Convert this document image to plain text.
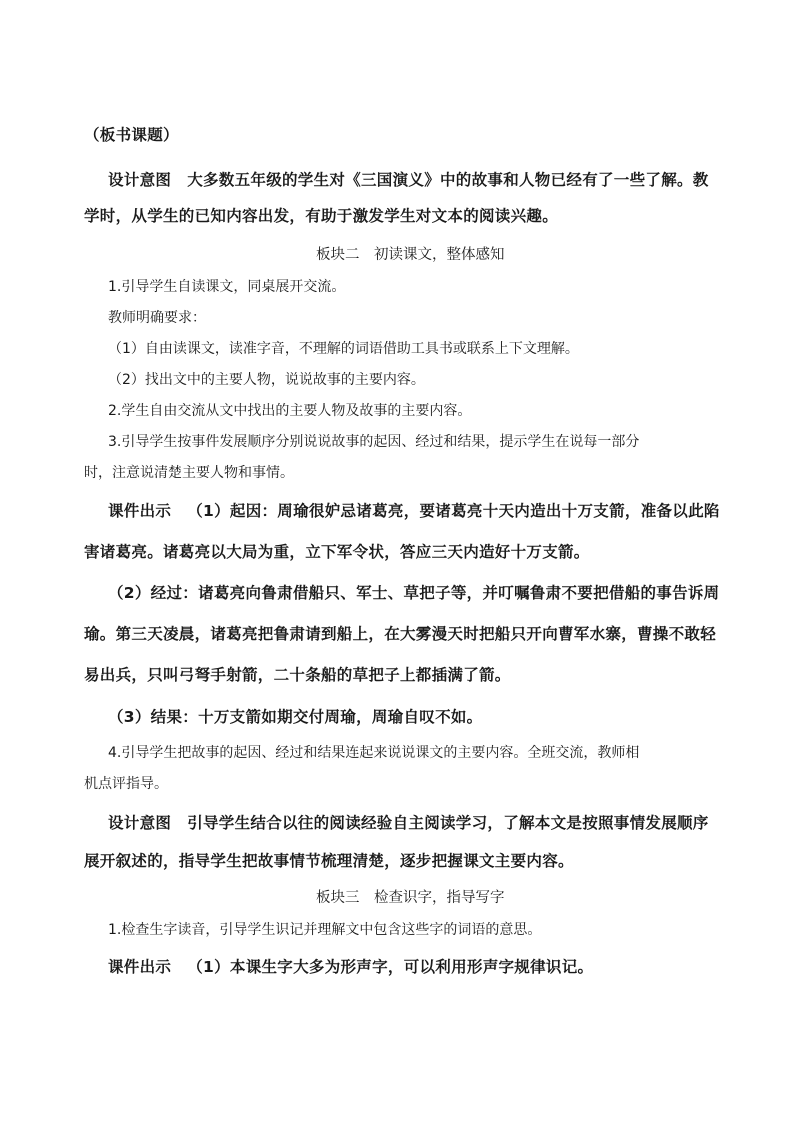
（板书课题）
设计意图 大多数五年级的学生对《三国演义》中的故事和人物已经有了一些了解。教
学时，从学生的已知内容出发，有助于激发学生对文本的阅读兴趣。
板块二　初读课文，整体感知
1.引导学生自读课文，同桌展开交流。
教师明确要求：
（1）自由读课文，读准字音，不理解的词语借助工具书或联系上下文理解。
（2）找出文中的主要人物，说说故事的主要内容。
2.学生自由交流从文中找出的主要人物及故事的主要内容。
3.引导学生按事件发展顺序分别说说故事的起因、经过和结果，提示学生在说每一部分
时，注意说清楚主要人物和事情。
课件出示 （1）起因：周瑜很妒忌诸葛亮，要诸葛亮十天内造出十万支箭，准备以此陷
害诸葛亮。诸葛亮以大局为重，立下军令状，答应三天内造好十万支箭。
（2）经过：诸葛亮向鲁肃借船只、军士、草把子等，并叮嘱鲁肃不要把借船的事告诉周
瑜。第三天凌晨，诸葛亮把鲁肃请到船上，在大雾漫天时把船只开向曹军水寨，曹操不敢轻
易出兵，只叫弓弩手射箭，二十条船的草把子上都插满了箭。
（3）结果：十万支箭如期交付周瑜，周瑜自叹不如。
4.引导学生把故事的起因、经过和结果连起来说说课文的主要内容。全班交流，教师相
机点评指导。
设计意图 引导学生结合以往的阅读经验自主阅读学习，了解本文是按照事情发展顺序
展开叙述的，指导学生把故事情节梳理清楚，逐步把握课文主要内容。
板块三　检查识字，指导写字
1.检查生字读音，引导学生识记并理解文中包含这些字的词语的意思。
课件出示 （1）本课生字大多为形声字，可以利用形声字规律识记。
